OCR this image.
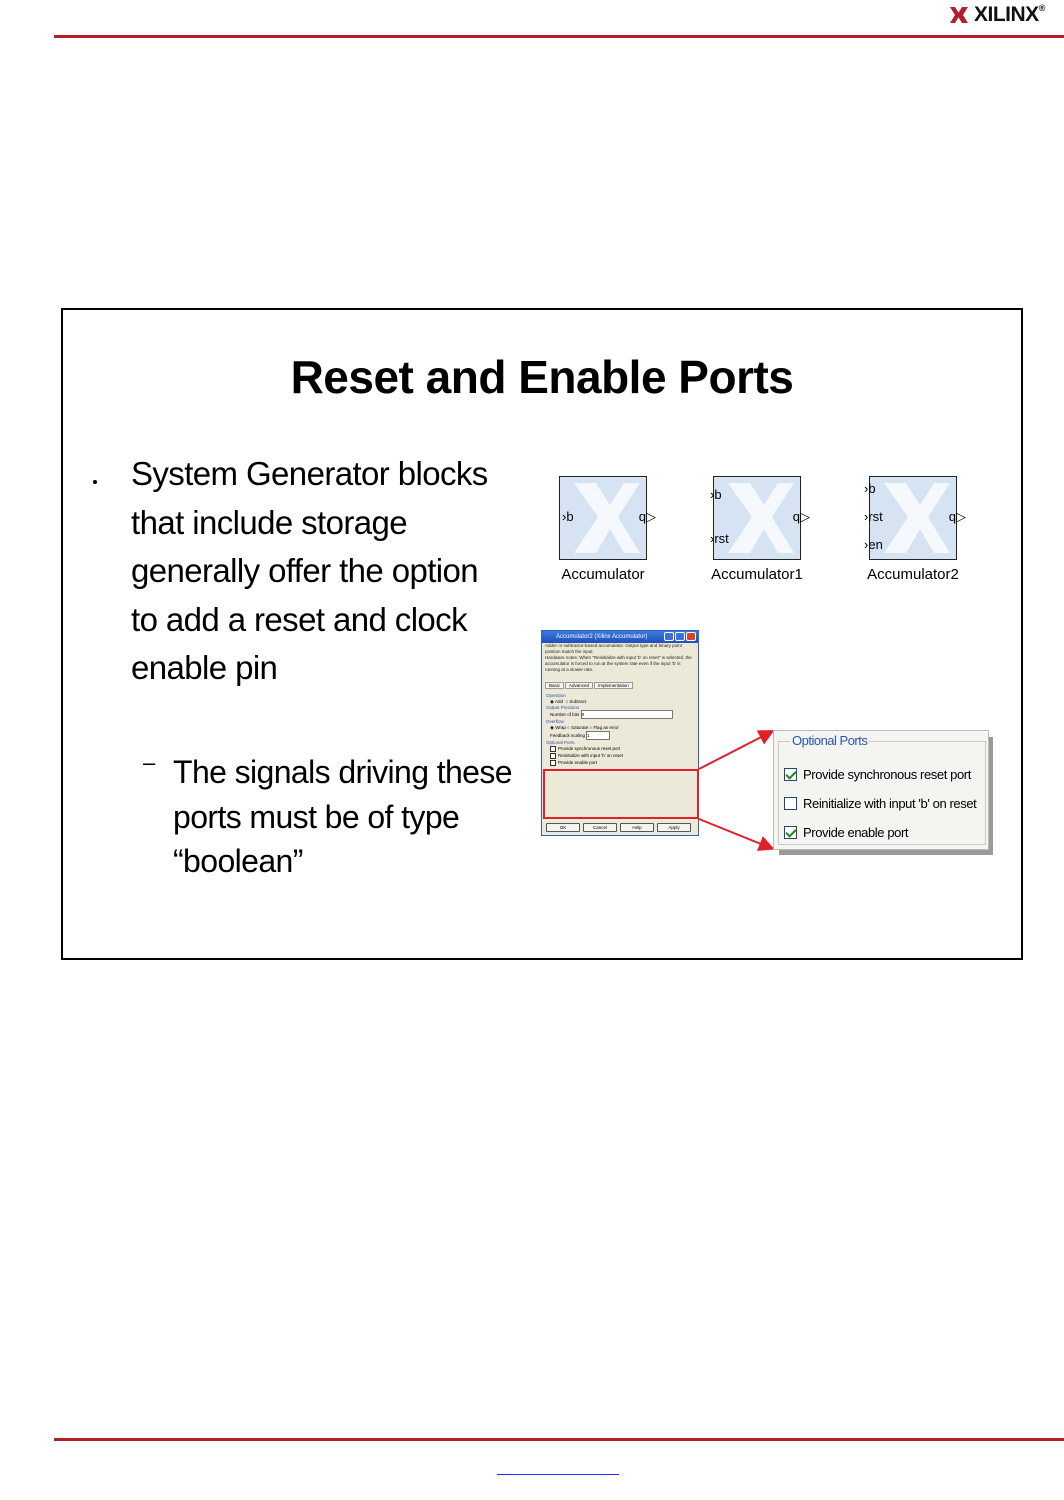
XILINX®
Reset and Enable Ports
System Generator blocks that include storage generally offer the option to add a reset and clock enable pin
– The signals driving these ports must be of type “boolean”
›b	q▷
Accumulator
›b
›rst
q▷
Accumulator1
›b
›rst
›en
q▷
Accumulator2
Accumulator2 (Xilinx Accumulator)
Adder or subtractor-based accumulator. Output type and binary point position match the input.
Hardware notes: When "Reinitialize with input 'b' on reset" is selected, the accumulator is forced to run at the system rate even if the input 'b' is running at a slower rate.
Basic Advanced Implementation
Operation
◉ Add  ○ Subtract
Output Precision
Number of bits 8
Overflow
◉ Wrap ○ Saturate ○ Flag as error
Feedback scaling 1
Optional Ports
Provide synchronous reset port
Reinitialize with input 'b' on reset
Provide enable port
OK	Cancel	Help	Apply
Optional Ports
Provide synchronous reset port
Reinitialize with input 'b' on reset
Provide enable port
